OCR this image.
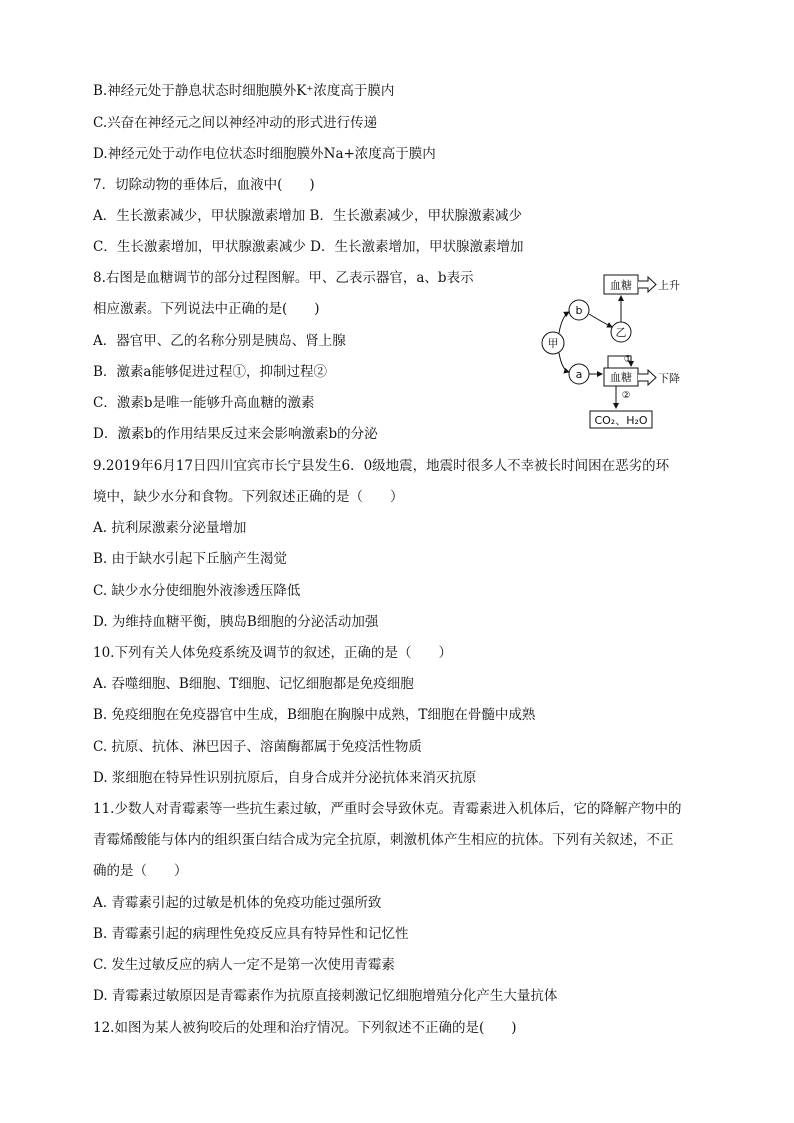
B.神经元处于静息状态时细胞膜外K⁺浓度高于膜内
C.兴奋在神经元之间以神经冲动的形式进行传递
D.神经元处于动作电位状态时细胞膜外Na+浓度高于膜内
7．切除动物的垂体后，血液中(　　)
A．生长激素减少，甲状腺激素增加 B．生长激素减少，甲状腺激素减少
C．生长激素增加，甲状腺激素减少 D．生长激素增加，甲状腺激素增加
8.右图是血糖调节的部分过程图解。甲、乙表示器官，a、b表示
相应激素。下列说法中正确的是(　　)
A．器官甲、乙的名称分别是胰岛、肾上腺
B．激素a能够促进过程①，抑制过程②
C．激素b是唯一能够升高血糖的激素
D．激素b的作用结果反过来会影响激素b的分泌
9.2019年6月17日四川宜宾市长宁县发生6．0级地震，地震时很多人不幸被长时间困在恶劣的环
境中，缺少水分和食物。下列叙述正确的是（　　）
A. 抗利尿激素分泌量增加
B. 由于缺水引起下丘脑产生渴觉
C. 缺少水分使细胞外液渗透压降低
D. 为维持血糖平衡，胰岛B细胞的分泌活动加强
10.下列有关人体免疫系统及调节的叙述，正确的是（　　）
A. 吞噬细胞、B细胞、T细胞、记忆细胞都是免疫细胞
B. 免疫细胞在免疫器官中生成，B细胞在胸腺中成熟，T细胞在骨髓中成熟
C. 抗原、抗体、淋巴因子、溶菌酶都属于免疫活性物质
D. 浆细胞在特异性识别抗原后，自身合成并分泌抗体来消灭抗原
11.少数人对青霉素等一些抗生素过敏，严重时会导致休克。青霉素进入机体后，它的降解产物中的
青霉烯酸能与体内的组织蛋白结合成为完全抗原，刺激机体产生相应的抗体。下列有关叙述，不正
确的是（　　）
A. 青霉素引起的过敏是机体的免疫功能过强所致
B. 青霉素引起的病理性免疫反应具有特异性和记忆性
C. 发生过敏反应的病人一定不是第一次使用青霉素
D. 青霉素过敏原因是青霉素作为抗原直接刺激记忆细胞增殖分化产生大量抗体
12.如图为某人被狗咬后的处理和治疗情况。下列叙述不正确的是(　　)
血糖 上升
甲
b
a
乙
血糖 下降
①
②
CO₂、H₂O
